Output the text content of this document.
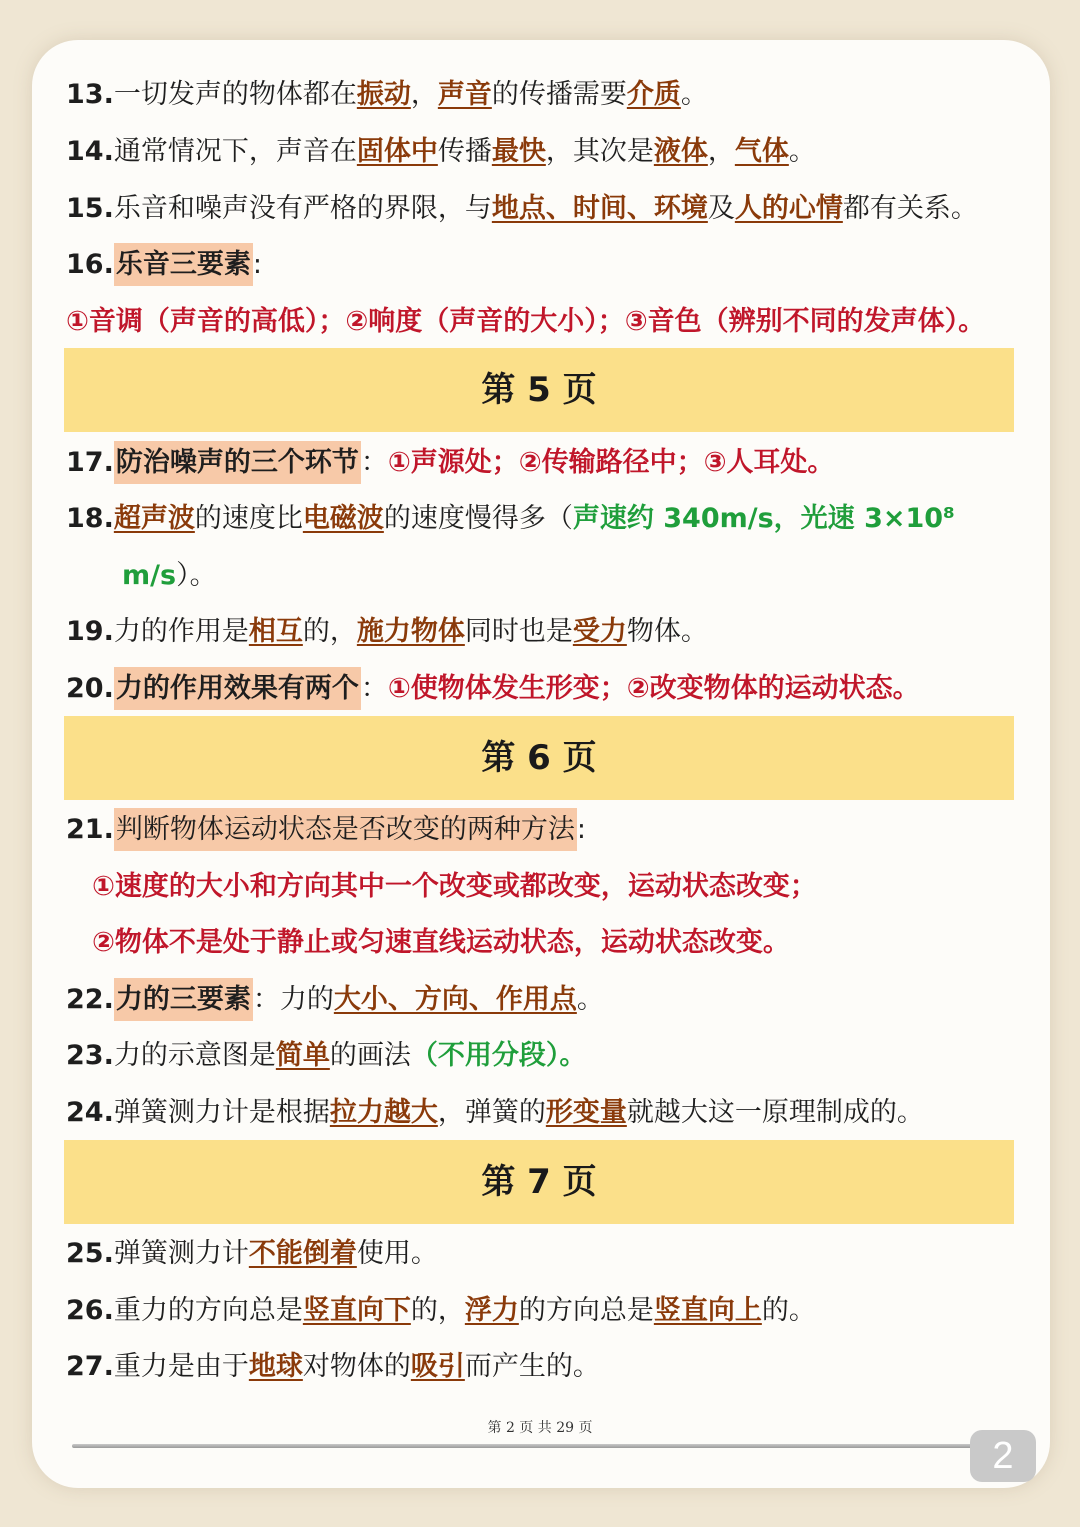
13.一切发声的物体都在振动，声音的传播需要介质。
14.通常情况下，声音在固体中传播最快，其次是液体，气体。
15.乐音和噪声没有严格的界限，与地点、时间、环境及人的心情都有关系。
16.乐音三要素:
①音调（声音的高低）；②响度（声音的大小）；③音色（辨别不同的发声体）。
第 5 页
17.防治噪声的三个环节：①声源处；②传输路径中；③人耳处。
18.超声波的速度比电磁波的速度慢得多（声速约 340m/s，光速 3×10⁸
m/s）。
19.力的作用是相互的，施力物体同时也是受力物体。
20.力的作用效果有两个：①使物体发生形变；②改变物体的运动状态。
第 6 页
21.判断物体运动状态是否改变的两种方法:
①速度的大小和方向其中一个改变或都改变，运动状态改变；
②物体不是处于静止或匀速直线运动状态，运动状态改变。
22.力的三要素：力的大小、方向、作用点。
23.力的示意图是简单的画法（不用分段）。
24.弹簧测力计是根据拉力越大，弹簧的形变量就越大这一原理制成的。
第 7 页
25.弹簧测力计不能倒着使用。
26.重力的方向总是竖直向下的，浮力的方向总是竖直向上的。
27.重力是由于地球对物体的吸引而产生的。
第 2 页 共 29 页
2
